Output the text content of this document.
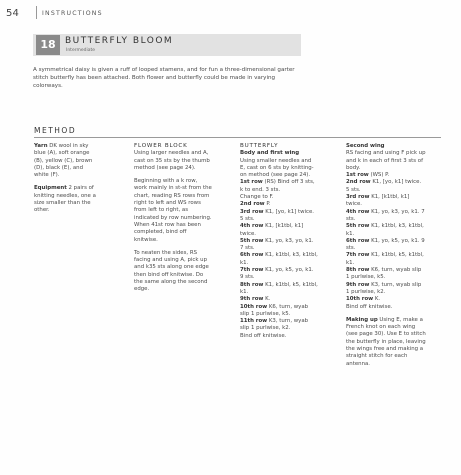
54	INSTRUCTIONS
18	BUTTERFLY BLOOM
Intermediate
A symmetrical daisy is given a ruff of looped stamens, and for fun a three-dimensional garter stitch butterfly has been attached. Both flower and butterfly could be made in varying colorways.
METHOD

Yarn DK wool in sky blue (A), soft orange (B), yellow (C), brown (D), black (E), and white (F).

Equipment 2 pairs of knitting needles, one a size smaller than the other.

FLOWER BLOCK

Using larger needles and A, cast on 35 sts by the thumb method (see page 24).

Beginning with a k row, work mainly in st-st from the chart, reading RS rows from right to left and WS rows from left to right, as indicated by row numbering. When 41st row has been completed, bind off knitwise.

To neaten the sides, RS facing and using A, pick up and k35 sts along one edge then bind off knitwise. Do the same along the second edge.

BUTTERFLY
Body and first wing
Using smaller needles and E, cast on 6 sts by knitting-on method (see page 24).
1st row (RS) Bind off 3 sts, k to end. 3 sts.
Change to F.
2nd row P.
3rd row K1, [yo, k1] twice. 5 sts.
4th row K1, [k1tbl, k1] twice.
5th row K1, yo, k3, yo, k1. 7 sts.
6th row K1, k1tbl, k3, k1tbl, k1.
7th row K1, yo, k5, yo, k1. 9 sts.
8th row K1, k1tbl, k5, k1tbl, k1.
9th row K.
10th row K6, turn, wyab slip 1 purlwise, k5.
11th row K3, turn, wyab slip 1 purlwise, k2.
Bind off knitwise.
Second wing
RS facing and using F pick up and k in each of first 3 sts of body.
1st row (WS) P.
2nd row K1, [yo, k1] twice. 5 sts.
3rd row K1, [k1tbl, k1] twice.
4th row K1, yo, k3, yo, k1. 7 sts.
5th row K1, k1tbl, k3, k1tbl, k1.
6th row K1, yo, k5, yo, k1. 9 sts.
7th row K1, k1tbl, k5, k1tbl, k1.
8th row K6, turn, wyab slip 1 purlwise, k5.
9th row K3, turn, wyab slip 1 purlwise, k2.
10th row K.
Bind off knitwise.

Making up Using E, make a French knot on each wing (see page 30). Use E to stitch the butterfly in place, leaving the wings free and making a straight stitch for each antenna.
